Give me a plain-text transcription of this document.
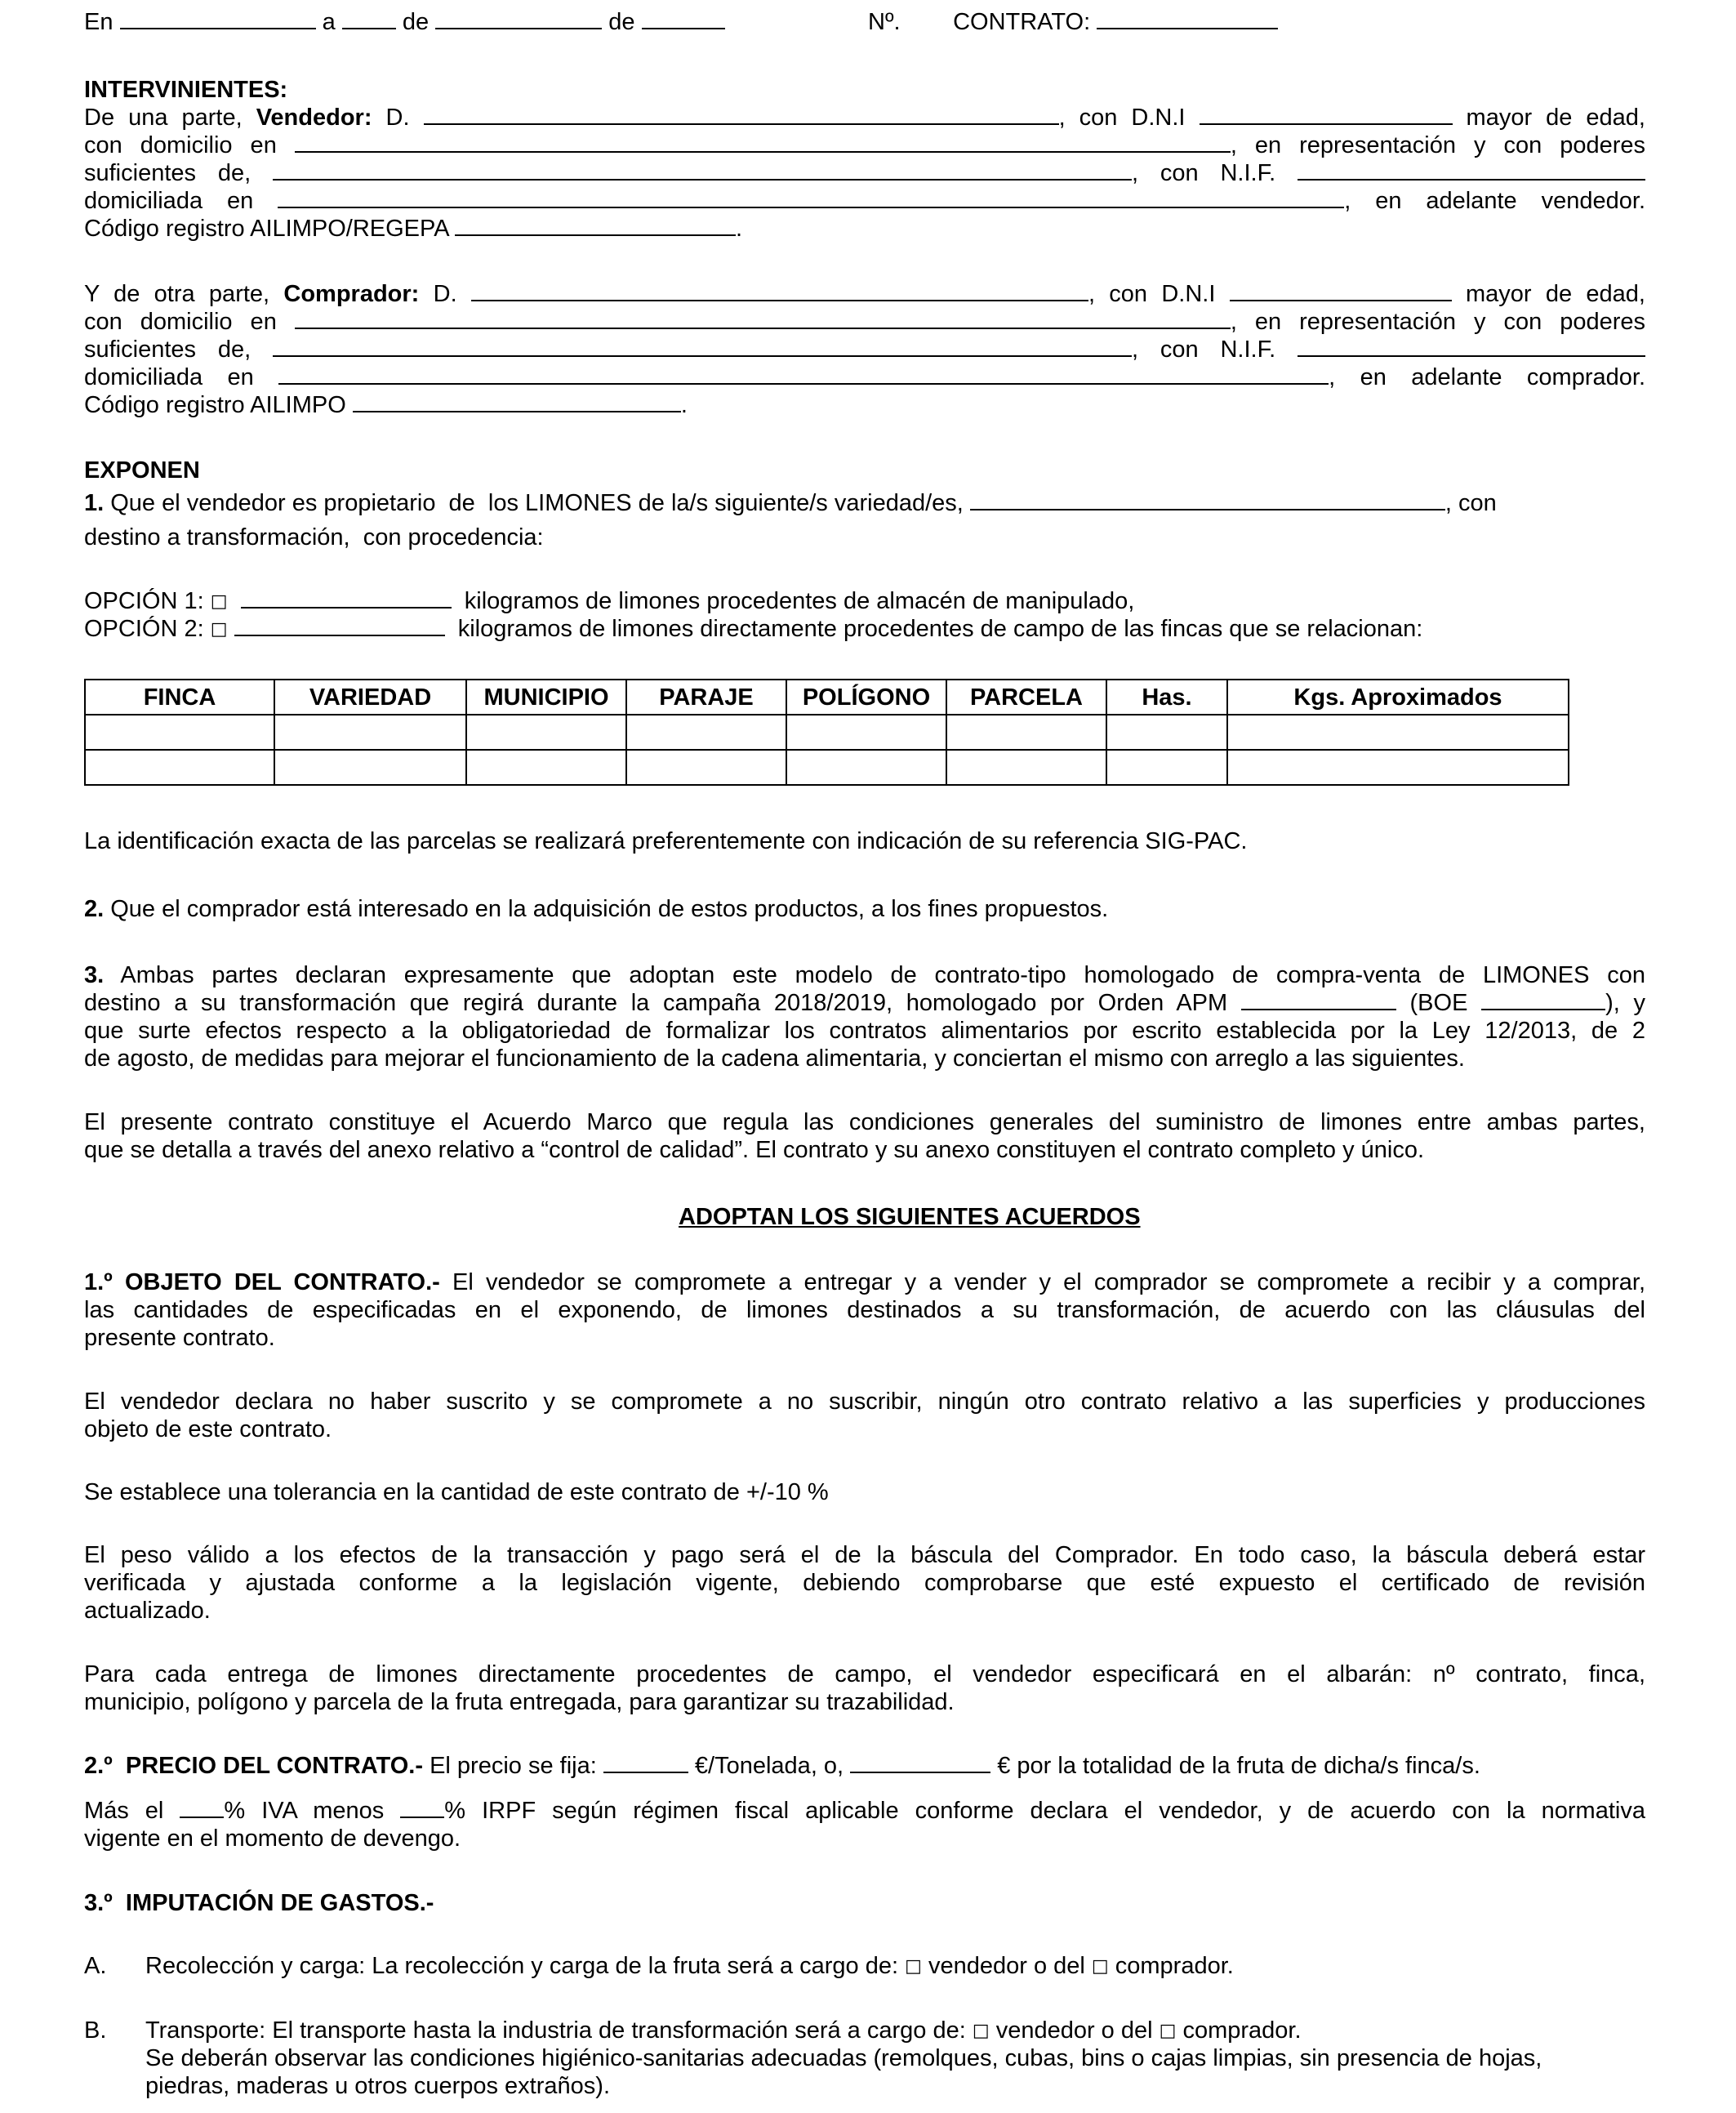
En	a	de	de	Nº. CONTRATO:
INTERVINIENTES:
De una parte, Vendedor: D.	, con D.N.I	mayor de edad,
con domicilio en	, en representación y con poderes
suficientes de,	, con N.I.F.
domiciliada en	, en adelante vendedor.
Código registro AILIMPO/REGEPA	.
Y de otra parte, Comprador: D.	, con D.N.I	mayor de edad,
con domicilio en	, en representación y con poderes
suficientes de,	, con N.I.F.
domiciliada en	, en adelante comprador.
Código registro AILIMPO	.
EXPONEN
1. Que el vendedor es propietario  de  los LIMONES de la/s siguiente/s variedad/es,	, con
destino a transformación,  con procedencia:
OPCIÓN 1: □	kilogramos de limones procedentes de almacén de manipulado,
OPCIÓN 2: □	kilogramos de limones directamente procedentes de campo de las fincas que se relacionan:
FINCA	VARIEDAD	MUNICIPIO	PARAJE	POLÍGONO	PARCELA	Has.	Kgs. Aproximados

La identificación exacta de las parcelas se realizará preferentemente con indicación de su referencia SIG-PAC.
2. Que el comprador está interesado en la adquisición de estos productos, a los fines propuestos.
3. Ambas partes declaran expresamente que adoptan este modelo de contrato-tipo homologado de compra-venta de LIMONES con
destino a su transformación que regirá durante la campaña 2018/2019, homologado por Orden APM	(BOE	), y
que surte efectos respecto a la obligatoriedad de formalizar los contratos alimentarios por escrito establecida por la Ley 12/2013, de 2
de agosto, de medidas para mejorar el funcionamiento de la cadena alimentaria, y conciertan el mismo con arreglo a las siguientes.
El presente contrato constituye el Acuerdo Marco que regula las condiciones generales del suministro de limones entre ambas partes,
que se detalla a través del anexo relativo a “control de calidad”. El contrato y su anexo constituyen el contrato completo y único.
ADOPTAN LOS SIGUIENTES ACUERDOS
1.º OBJETO DEL CONTRATO.- El vendedor se compromete a entregar y a vender y el comprador se compromete a recibir y a comprar,
las cantidades de especificadas en el exponendo, de limones destinados a su transformación, de acuerdo con las cláusulas del
presente contrato.
El vendedor declara no haber suscrito y se compromete a no suscribir, ningún otro contrato relativo a las superficies y producciones
objeto de este contrato.
Se establece una tolerancia en la cantidad de este contrato de +/-10 %
El peso válido a los efectos de la transacción y pago será el de la báscula del Comprador. En todo caso, la báscula deberá estar
verificada y ajustada conforme a la legislación vigente, debiendo comprobarse que esté expuesto el certificado de revisión
actualizado.
Para cada entrega de limones directamente procedentes de campo, el vendedor especificará en el albarán: nº contrato, finca,
municipio, polígono y parcela de la fruta entregada, para garantizar su trazabilidad.
2.º  PRECIO DEL CONTRATO.- El precio se fija:	€/Tonelada, o,	€ por la totalidad de la fruta de dicha/s finca/s.
Más el % IVA menos % IRPF según régimen fiscal aplicable conforme declara el vendedor, y de acuerdo con la normativa
vigente en el momento de devengo.
3.º  IMPUTACIÓN DE GASTOS.-
A. Recolección y carga: La recolección y carga de la fruta será a cargo de: □ vendedor o del □ comprador.
B. Transporte: El transporte hasta la industria de transformación será a cargo de: □ vendedor o del □ comprador.
Se deberán observar las condiciones higiénico-sanitarias adecuadas (remolques, cubas, bins o cajas limpias, sin presencia de hojas,
piedras, maderas u otros cuerpos extraños).
